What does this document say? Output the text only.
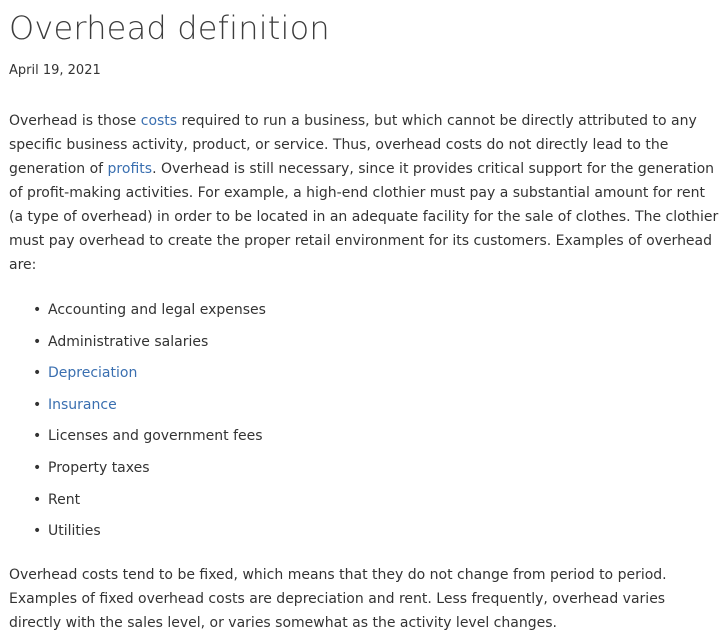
Overhead definition
April 19, 2021

Overhead is those costs required to run a business, but which cannot be directly attributed to any specific business activity, product, or service. Thus, overhead costs do not directly lead to the generation of profits. Overhead is still necessary, since it provides critical support for the generation of profit-making activities. For example, a high-end clothier must pay a substantial amount for rent (a type of overhead) in order to be located in an adequate facility for the sale of clothes. The clothier must pay overhead to create the proper retail environment for its customers. Examples of overhead are:

• Accounting and legal expenses
• Administrative salaries
• Depreciation
• Insurance
• Licenses and government fees
• Property taxes
• Rent
• Utilities

Overhead costs tend to be fixed, which means that they do not change from period to period. Examples of fixed overhead costs are depreciation and rent. Less frequently, overhead varies directly with the sales level, or varies somewhat as the activity level changes.
